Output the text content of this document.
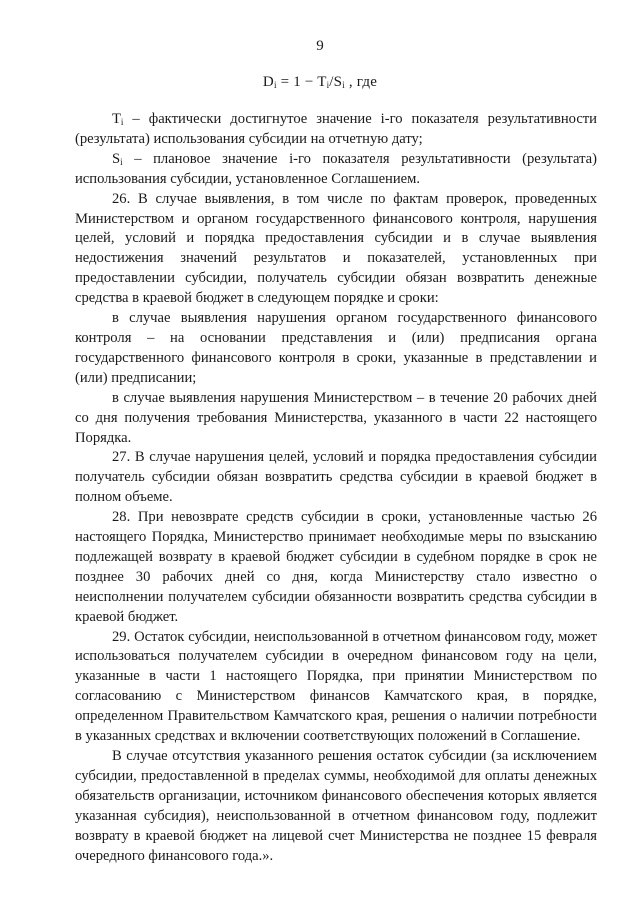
9
$D_i = 1 - T_i/S_i$ , где

$T_i$ – фактически достигнутое значение i-го показателя результативности (результата) использования субсидии на отчетную дату;

$S_i$ – плановое значение i-го показателя результативности (результата) использования субсидии, установленное Соглашением.

26. В случае выявления, в том числе по фактам проверок, проведенных Министерством и органом государственного финансового контроля, нарушения целей, условий и порядка предоставления субсидии и в случае выявления недостижения значений результатов и показателей, установленных при предоставлении субсидии, получатель субсидии обязан возвратить денежные средства в краевой бюджет в следующем порядке и сроки:

в случае выявления нарушения органом государственного финансового контроля – на основании представления и (или) предписания органа государственного финансового контроля в сроки, указанные в представлении и (или) предписании;

в случае выявления нарушения Министерством – в течение 20 рабочих дней со дня получения требования Министерства, указанного в части 22 настоящего Порядка.

27. В случае нарушения целей, условий и порядка предоставления субсидии получатель субсидии обязан возвратить средства субсидии в краевой бюджет в полном объеме.

28. При невозврате средств субсидии в сроки, установленные частью 26 настоящего Порядка, Министерство принимает необходимые меры по взысканию подлежащей возврату в краевой бюджет субсидии в судебном порядке в срок не позднее 30 рабочих дней со дня, когда Министерству стало известно о неисполнении получателем субсидии обязанности возвратить средства субсидии в краевой бюджет.

29. Остаток субсидии, неиспользованной в отчетном финансовом году, может использоваться получателем субсидии в очередном финансовом году на цели, указанные в части 1 настоящего Порядка, при принятии Министерством по согласованию с Министерством финансов Камчатского края, в порядке, определенном Правительством Камчатского края, решения о наличии потребности в указанных средствах и включении соответствующих положений в Соглашение.

В случае отсутствия указанного решения остаток субсидии (за исключением субсидии, предоставленной в пределах суммы, необходимой для оплаты денежных обязательств организации, источником финансового обеспечения которых является указанная субсидия), неиспользованной в отчетном финансовом году, подлежит возврату в краевой бюджет на лицевой счет Министерства не позднее 15 февраля очередного финансового года.».
